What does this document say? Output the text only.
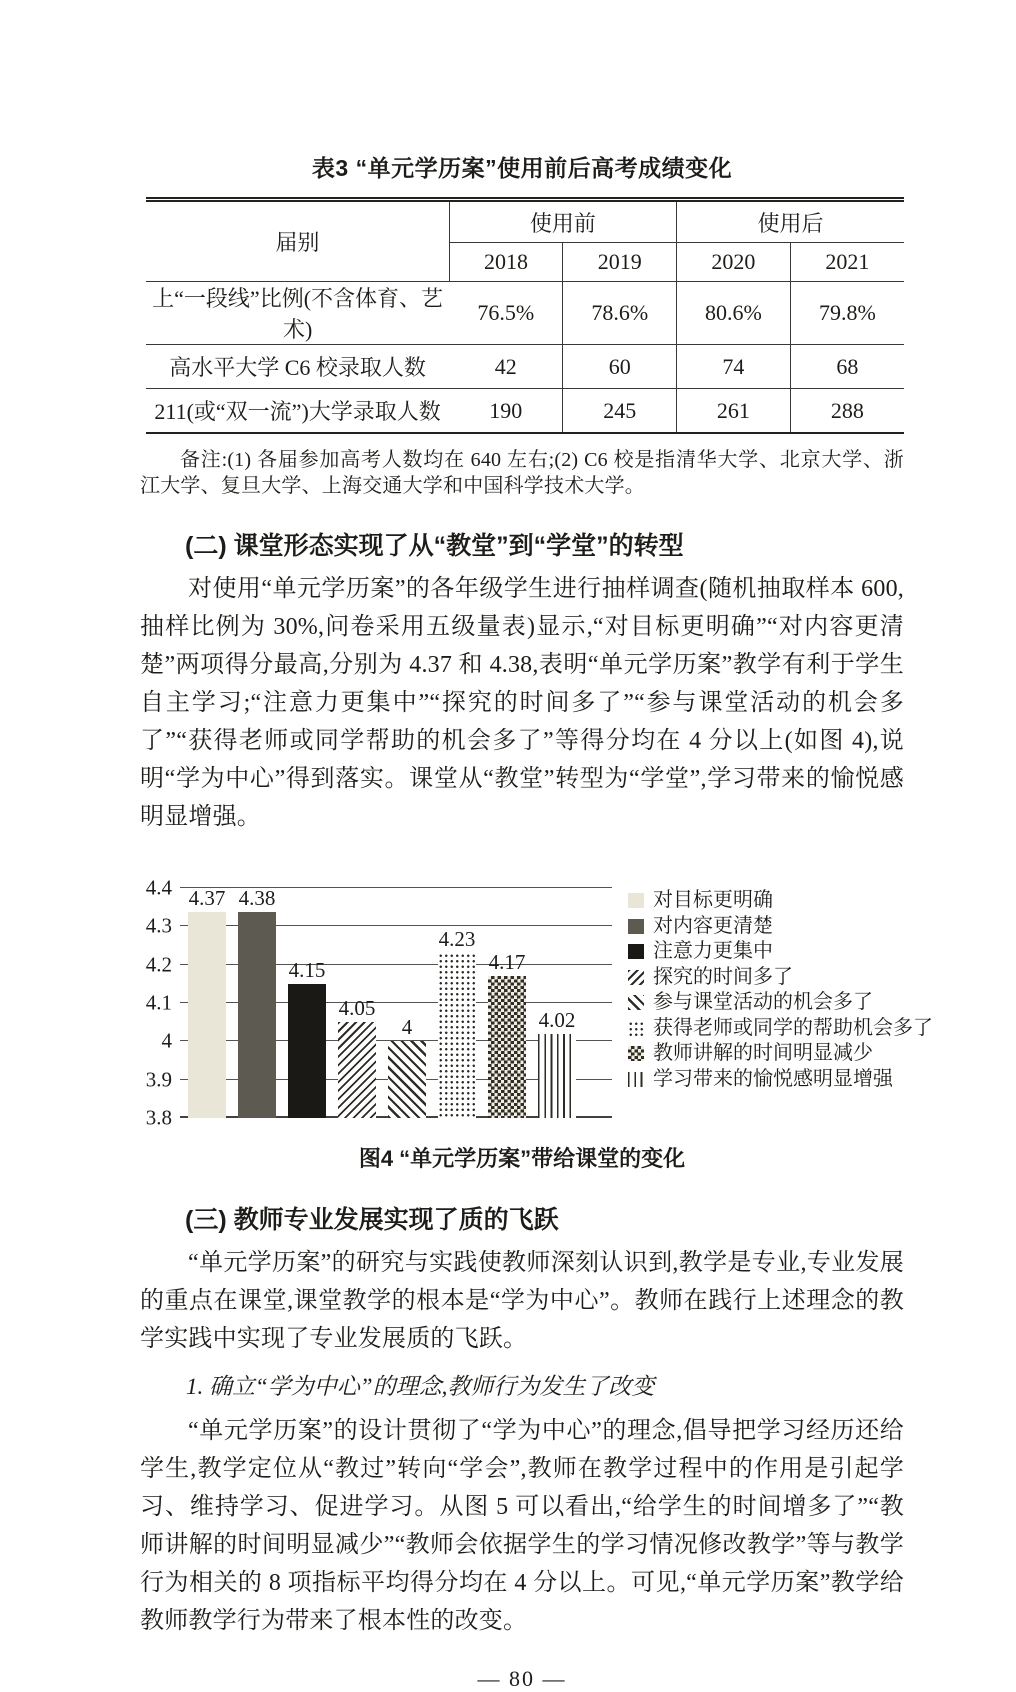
表3 “单元学历案”使用前后高考成绩变化
届别	使用前		使用后	
	2018	2019	2020	2021
上“一段线”比例(不含体育、艺术)	76.5%	78.6%	80.6%	79.8%
高水平大学 C6 校录取人数	42	60	74	68
211(或“双一流”)大学录取人数	190	245	261	288

备注:(1) 各届参加高考人数均在 640 左右;(2) C6 校是指清华大学、北京大学、浙江大学、复旦大学、上海交通大学和中国科学技术大学。

(二) 课堂形态实现了从“教堂”到“学堂”的转型

对使用“单元学历案”的各年级学生进行抽样调查(随机抽取样本 600,抽样比例为 30%,问卷采用五级量表)显示,“对目标更明确”“对内容更清楚”两项得分最高,分别为 4.37 和 4.38,表明“单元学历案”教学有利于学生自主学习;“注意力更集中”“探究的时间多了”“参与课堂活动的机会多了”“获得老师或同学帮助的机会多了”等得分均在 4 分以上(如图 4),说明“学为中心”得到落实。课堂从“教堂”转型为“学堂”,学习带来的愉悦感明显增强。

4.4
4.3
4.2
4.1
4
3.9
3.8
4.37 4.38
4.15
4.05
4
4.23
4.17
4.02
对目标更明确
对内容更清楚
注意力更集中
探究的时间多了
参与课堂活动的机会多了
获得老师或同学的帮助机会多了
教师讲解的时间明显减少
学习带来的愉悦感明显增强
图4 “单元学历案”带给课堂的变化
(三) 教师专业发展实现了质的飞跃

“单元学历案”的研究与实践使教师深刻认识到,教学是专业,专业发展的重点在课堂,课堂教学的根本是“学为中心”。教师在践行上述理念的教学实践中实现了专业发展质的飞跃。

1. 确立“学为中心”的理念,教师行为发生了改变

“单元学历案”的设计贯彻了“学为中心”的理念,倡导把学习经历还给学生,教学定位从“教过”转向“学会”,教师在教学过程中的作用是引起学习、维持学习、促进学习。从图 5 可以看出,“给学生的时间增多了”“教师讲解的时间明显减少”“教师会依据学生的学习情况修改教学”等与教学行为相关的 8 项指标平均得分均在 4 分以上。可见,“单元学历案”教学给教师教学行为带来了根本性的改变。

— 80 —
